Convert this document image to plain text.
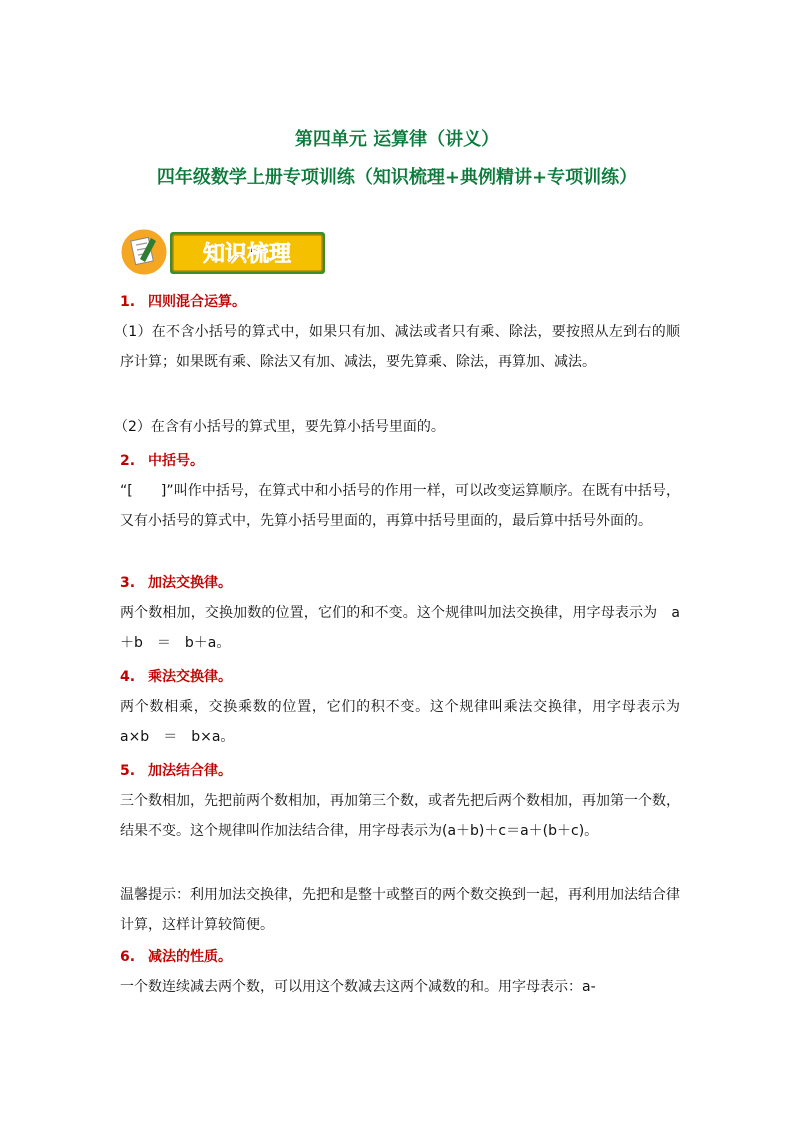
第四单元 运算律（讲义）
四年级数学上册专项训练（知识梳理+典例精讲+专项训练）
知识梳理
1. 四则混合运算。
（1）在不含小括号的算式中，如果只有加、减法或者只有乘、除法，要按照从左到右的顺序计算；如果既有乘、除法又有加、减法，要先算乘、除法，再算加、减法。
（2）在含有小括号的算式里，要先算小括号里面的。
2. 中括号。
“[　　]”叫作中括号，在算式中和小括号的作用一样，可以改变运算顺序。在既有中括号，又有小括号的算式中，先算小括号里面的，再算中括号里面的，最后算中括号外面的。
3. 加法交换律。
两个数相加，交换加数的位置，它们的和不变。这个规律叫加法交换律，用字母表示为　a＋b　＝　b＋a。
4. 乘法交换律。
两个数相乘，交换乘数的位置，它们的积不变。这个规律叫乘法交换律，用字母表示为a×b　＝　b×a。
5. 加法结合律。
三个数相加，先把前两个数相加，再加第三个数，或者先把后两个数相加，再加第一个数，结果不变。这个规律叫作加法结合律，用字母表示为(a＋b)＋c＝a＋(b＋c)。
温馨提示：利用加法交换律，先把和是整十或整百的两个数交换到一起，再利用加法结合律计算，这样计算较简便。
6. 减法的性质。
一个数连续减去两个数，可以用这个数减去这两个减数的和。用字母表示：a-
